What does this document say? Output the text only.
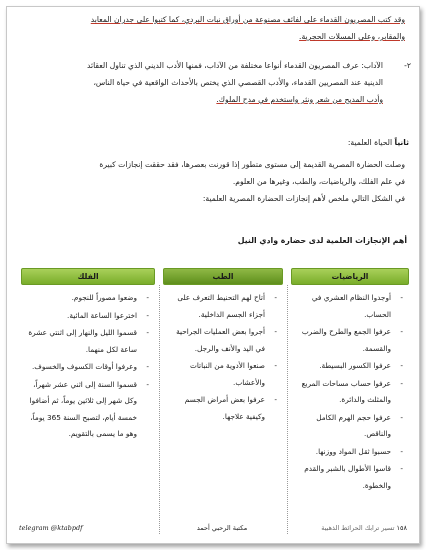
وقد كتب المصريون القدماء على لفائف مصنوعة من أوراق نبات البردي، كما كتبوا على جدران المعابد
والمقابر، وعلى المسلات الحجرية.
٢-
الآداب: عرف المصريون القدماء أنواعا مختلفة من الآداب، فمنها الأدب الديني الذي تناول العقائد
الدينية عند المصريين القدماء، والأدب القصصي الذي يختص بالأحداث الواقعية في حياة الناس،
وأدب المديح من شعر ونثر واستخدم في مدح الملوك.
ثانياً الحياة العلمية:
وصلت الحضارة المصرية القديمة إلى مستوى متطور إذا قورنت بعصرها، فقد حققت إنجازات كبيرة
في علم الفلك، والرياضيات، والطب، وغيرها من العلوم.
في الشكل التالي ملخص لأهم إنجازات الحضارة المصرية العلمية:
أهم الإنجازات العلمية لدى حضارة وادي النيل
الرياضيات
-
أوجدوا النظام العشري في الحساب.
-
عرفوا الجمع والطرح والضرب والقسمة.
-
عرفوا الكسور البسيطة.
-
عرفوا حساب مساحات المربع والمثلث والدائرة.
-
عرفوا حجم الهرم الكامل والناقص.
-
حسبوا ثقل المواد ووزنها.
-
قاسوا الأطوال بالشبر والقدم والخطوة.
الطب
-
أتاح لهم التحنيط التعرف على أجزاء الجسم الداخلية.
-
أجروا بعض العمليات الجراحية في اليد والأنف والرجل.
-
صنعوا الأدوية من النباتات والأعشاب.
-
عرفوا بعض أمراض الجسم وكيفية علاجها.
الفلك
-
وضعوا مصوراً للنجوم.
-
اخترعوا الساعة المائية.
-
قسموا الليل والنهار إلى اثنتي عشرة ساعة لكل منهما.
-
وعرفوا أوقات الكسوف والخسوف.
-
قسموا السنة إلى اثني عشر شهراً، وكل شهر إلى ثلاثين يوماً، ثم أضافوا خمسة أيام، لتصبح السنة 365 يوماً، وهو ما يسمى بالتقويم.
١٥٨ تسير ترابك الحرائط الذهبية
مكتبة الرحبي أحمد
telegram @ktabpdf
